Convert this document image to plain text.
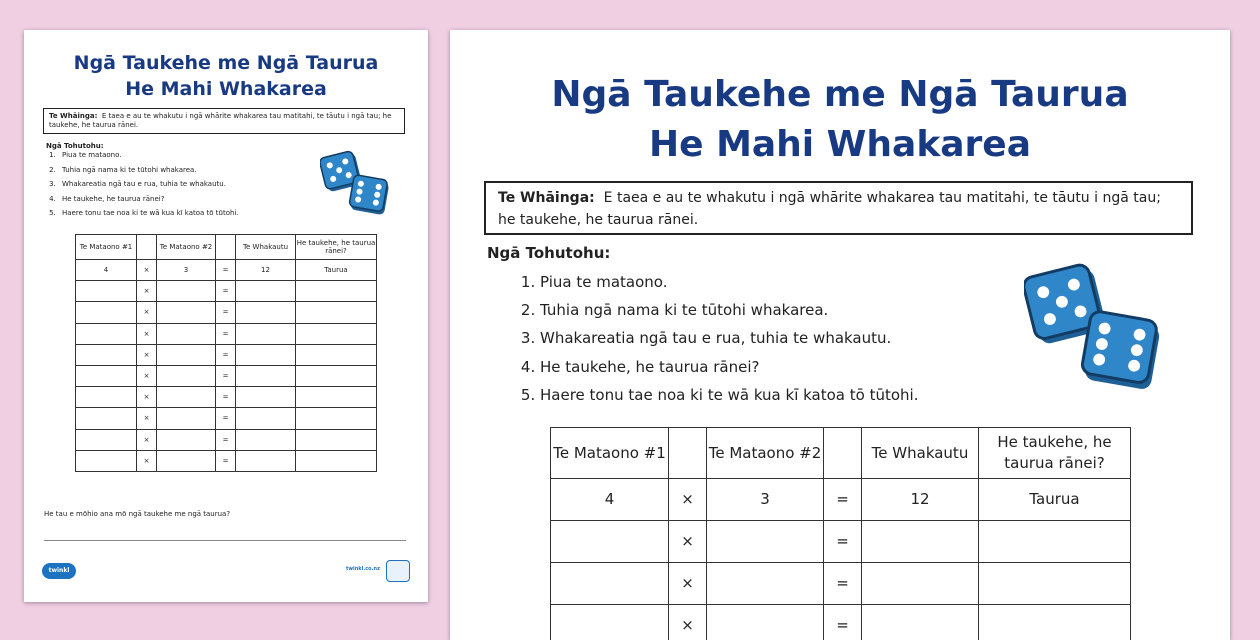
Ngā Taukehe me Ngā Taurua
He Mahi Whakarea
Te Whāinga: E taea e au te whakutu i ngā whārite whakarea tau matitahi, te tāutu i ngā tau; he taukehe, he taurua rānei.
Ngā Tohutohu:
1. Piua te mataono.
2. Tuhia ngā nama ki te tūtohi whakarea.
3. Whakareatia ngā tau e rua, tuhia te whakautu.
4. He taukehe, he taurua rānei?
5. Haere tonu tae noa ki te wā kua kī katoa tō tūtohi.
Te Mataono #1		Te Mataono #2		Te Whakautu	He taukehe, he taurua rānei?
4	×	3	=	12	Taurua
	×		=		
	×		=		
	×		=		
	×		=		
	×		=		
	×		=		
	×		=		
	×		=		
	×		=		
He tau e mōhio ana mō ngā taukehe me ngā taurua?
twinkl	twinkl.co.nz
Ngā Taukehe me Ngā Taurua
He Mahi Whakarea
Te Whāinga: E taea e au te whakutu i ngā whārite whakarea tau matitahi, te tāutu i ngā tau; he taukehe, he taurua rānei.
Ngā Tohutohu:
1. Piua te mataono.
2. Tuhia ngā nama ki te tūtohi whakarea.
3. Whakareatia ngā tau e rua, tuhia te whakautu.
4. He taukehe, he taurua rānei?
5. Haere tonu tae noa ki te wā kua kī katoa tō tūtohi.
Te Mataono #1		Te Mataono #2		Te Whakautu	He taukehe, he taurua rānei?
4	×	3	=	12	Taurua
	×		=		
	×		=		
	×		=		
